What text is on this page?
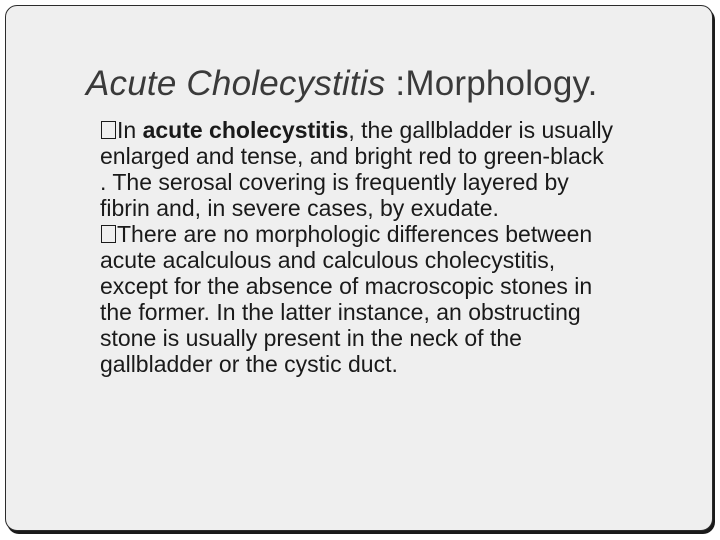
Acute Cholecystitis :Morphology.
In acute cholecystitis, the gallbladder is usually
enlarged and tense, and bright red to green-black
. The serosal covering is frequently layered by
fibrin and, in severe cases, by exudate.
There are no morphologic differences between
acute acalculous and calculous cholecystitis,
except for the absence of macroscopic stones in
the former. In the latter instance, an obstructing
stone is usually present in the neck of the
gallbladder or the cystic duct.
